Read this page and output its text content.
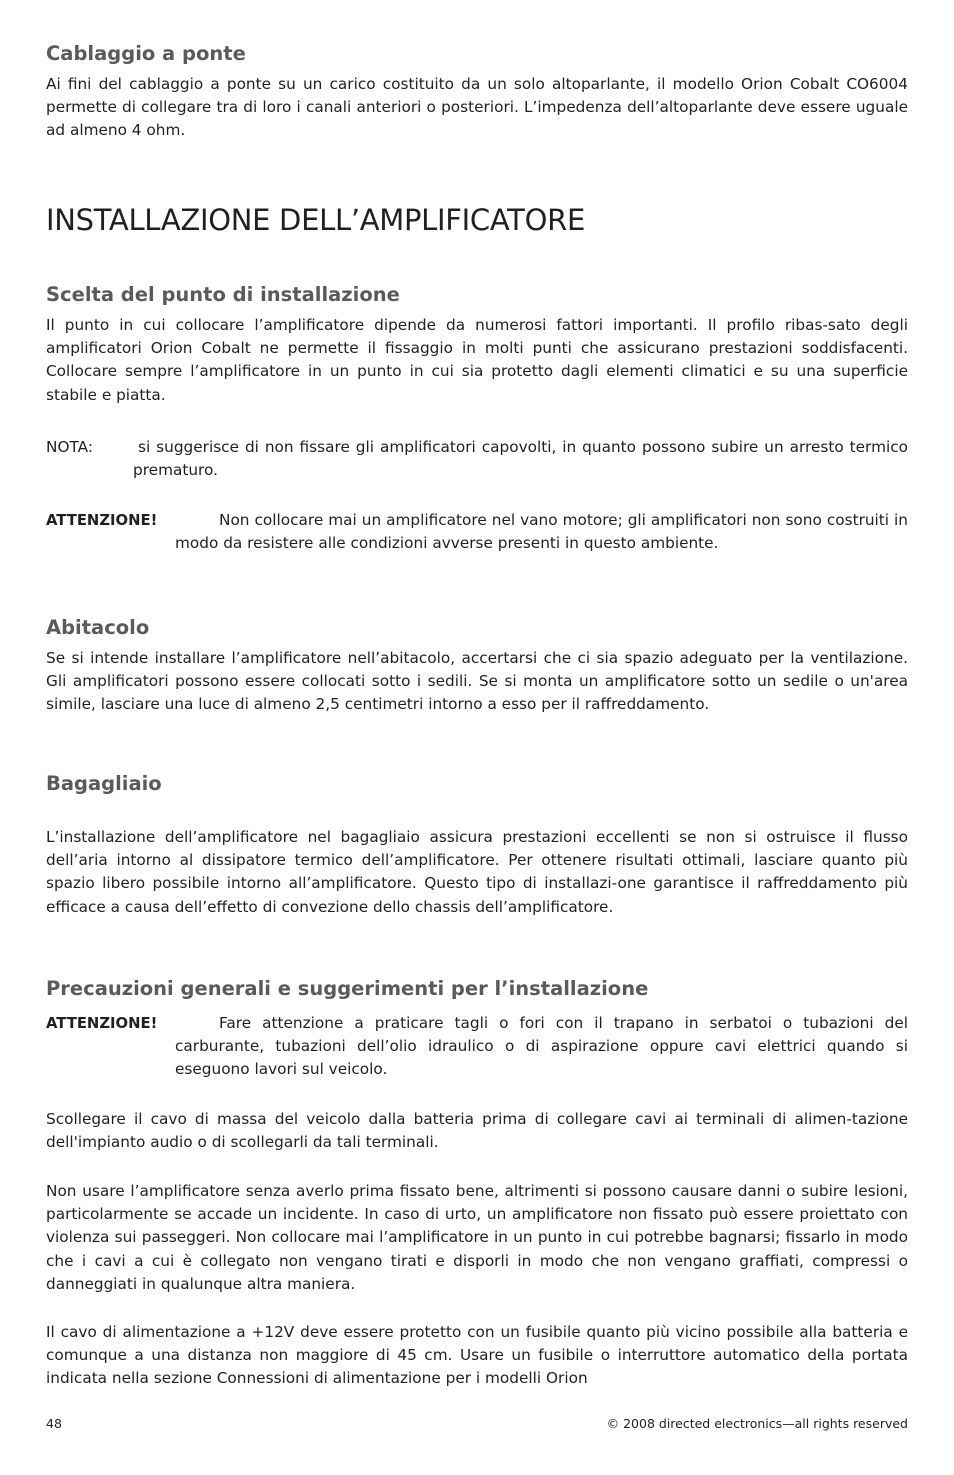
Cablaggio a ponte

Ai fini del cablaggio a ponte su un carico costituito da un solo altoparlante, il modello Orion Cobalt CO6004 permette di collegare tra di loro i canali anteriori o posteriori. L’impedenza dell’altoparlante deve essere uguale ad almeno 4 ohm.

INSTALLAZIONE DELL’AMPLIFICATORE
Scelta del punto di installazione

Il punto in cui collocare l’amplificatore dipende da numerosi fattori importanti. Il profilo ribas-sato degli amplificatori Orion Cobalt ne permette il fissaggio in molti punti che assicurano prestazioni soddisfacenti. Collocare sempre l’amplificatore in un punto in cui sia protetto dagli elementi climatici e su una superficie stabile e piatta.

NOTA:	si suggerisce di non fissare gli amplificatori capovolti, in quanto possono subire un arresto termico prematuro.

ATTENZIONE!	Non collocare mai un amplificatore nel vano motore; gli amplificatori non sono costruiti in modo da resistere alle condizioni avverse presenti in questo ambiente.

Abitacolo

Se si intende installare l’amplificatore nell’abitacolo, accertarsi che ci sia spazio adeguato per la ventilazione. Gli amplificatori possono essere collocati sotto i sedili. Se si monta un amplificatore sotto un sedile o un'area simile, lasciare una luce di almeno 2,5 centimetri intorno a esso per il raffreddamento.

Bagagliaio

L’installazione dell’amplificatore nel bagagliaio assicura prestazioni eccellenti se non si ostruisce il flusso dell’aria intorno al dissipatore termico dell’amplificatore. Per ottenere risultati ottimali, lasciare quanto più spazio libero possibile intorno all’amplificatore. Questo tipo di installazi-one garantisce il raffreddamento più efficace a causa dell’effetto di convezione dello chassis dell’amplificatore.

Precauzioni generali e suggerimenti per l’installazione
ATTENZIONE!	Fare attenzione a praticare tagli o fori con il trapano in serbatoi o tubazioni del carburante, tubazioni dell’olio idraulico o di aspirazione oppure cavi elettrici quando si eseguono lavori sul veicolo.

Scollegare il cavo di massa del veicolo dalla batteria prima di collegare cavi ai terminali di alimen-tazione dell'impianto audio o di scollegarli da tali terminali.

Non usare l’amplificatore senza averlo prima fissato bene, altrimenti si possono causare danni o subire lesioni, particolarmente se accade un incidente. In caso di urto, un amplificatore non fissato può essere proiettato con violenza sui passeggeri. Non collocare mai l’amplificatore in un punto in cui potrebbe bagnarsi; fissarlo in modo che i cavi a cui è collegato non vengano tirati e disporli in modo che non vengano graffiati, compressi o danneggiati in qualunque altra maniera.

Il cavo di alimentazione a +12V deve essere protetto con un fusibile quanto più vicino possibile alla batteria e comunque a una distanza non maggiore di 45 cm. Usare un fusibile o interruttore automatico della portata indicata nella sezione Connessioni di alimentazione per i modelli Orion

48	© 2008 directed electronics—all rights reserved
